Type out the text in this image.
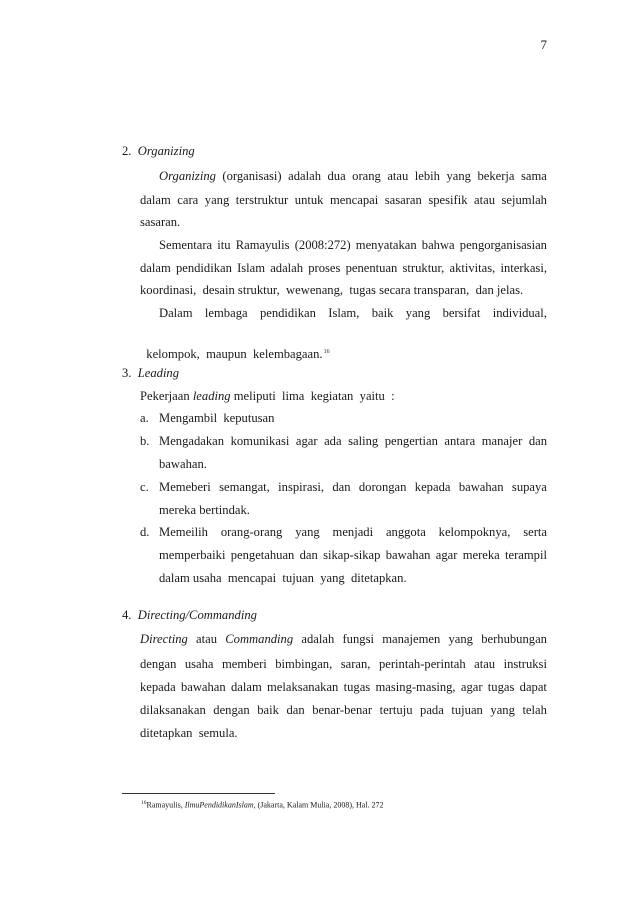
7
2. Organizing
Organizing (organisasi) adalah dua orang atau lebih yang bekerja sama
dalam cara yang terstruktur untuk mencapai sasaran spesifik atau sejumlah
sasaran.
Sementara itu Ramayulis (2008:272) menyatakan bahwa pengorganisasian
dalam pendidikan Islam adalah proses penentuan struktur, aktivitas, interkasi,
koordinasi,  desain struktur,  wewenang,  tugas secara transparan,  dan jelas.
Dalam lembaga pendidikan Islam, baik yang bersifat individual,

kelompok,  maupun  kelembagaan.$^{16}$

3. Leading
Pekerjaan leading meliputi  lima  kegiatan  yaitu  :
a. Mengambil  keputusan
b. Mengadakan komunikasi agar ada saling pengertian antara manajer dan
bawahan.
c. Memeberi semangat, inspirasi, dan dorongan kepada bawahan supaya
mereka bertindak.
d. Memeilih orang-orang yang menjadi anggota kelompoknya, serta
memperbaiki pengetahuan dan sikap-sikap bawahan agar mereka terampil
dalam usaha  mencapai  tujuan  yang  ditetapkan.
4. Directing/Commanding
Directing atau Commanding adalah fungsi manajemen yang berhubungan
dengan usaha memberi bimbingan, saran, perintah-perintah atau instruksi
kepada bawahan dalam melaksanakan tugas masing-masing, agar tugas dapat
dilaksanakan dengan baik dan benar-benar tertuju pada tujuan yang telah
ditetapkan  semula.
$^{16}$Ramayulis, IlmuPendidikanIslam, (Jakarta, Kalam Mulia, 2008), Hal. 272
